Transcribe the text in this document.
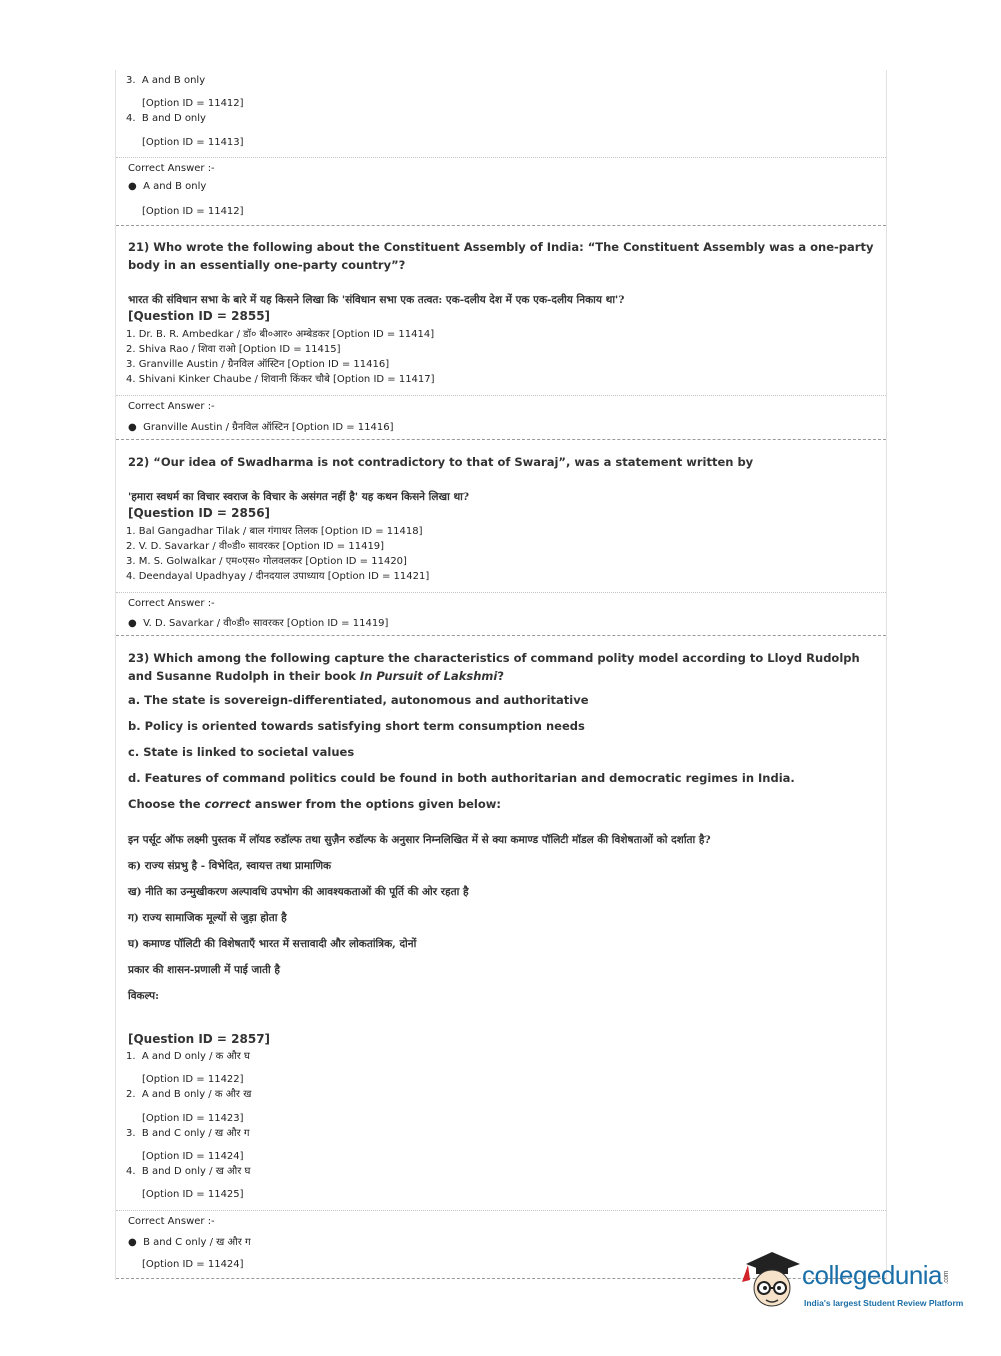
3. A and B only
[Option ID = 11412]
4. B and D only
[Option ID = 11413]
Correct Answer :-
●  A and B only
[Option ID = 11412]
21) Who wrote the following about the Constituent Assembly of India: “The Constituent Assembly was a one-party body in an essentially one-party country”?
भारत की संविधान सभा के बारे में यह किसने लिखा कि 'संविधान सभा एक तत्वत: एक-दलीय देश में एक एक-दलीय निकाय था'?
[Question ID = 2855]
1. Dr. B. R. Ambedkar / डॉ० बी०आर० अम्बेडकर [Option ID = 11414]
2. Shiva Rao / शिवा राओ [Option ID = 11415]
3. Granville Austin / ग्रैनविल ऑस्टिन [Option ID = 11416]
4. Shivani Kinker Chaube / शिवानी किंकर चौबे [Option ID = 11417]
Correct Answer :-
●  Granville Austin / ग्रैनविल ऑस्टिन [Option ID = 11416]
22) “Our idea of Swadharma is not contradictory to that of Swaraj”, was a statement written by
'हमारा स्वधर्म का विचार स्वराज के विचार के असंगत नहीं है' यह कथन किसने लिखा था?
[Question ID = 2856]
1. Bal Gangadhar Tilak / बाल गंगाधर तिलक [Option ID = 11418]
2. V. D. Savarkar / वी०डी० सावरकर [Option ID = 11419]
3. M. S. Golwalkar / एम०एस० गोलवलकर [Option ID = 11420]
4. Deendayal Upadhyay / दीनदयाल उपाध्याय [Option ID = 11421]
Correct Answer :-
●  V. D. Savarkar / वी०डी० सावरकर [Option ID = 11419]
23) Which among the following capture the characteristics of command polity model according to Lloyd Rudolph and Susanne Rudolph in their book In Pursuit of Lakshmi?
a. The state is sovereign-differentiated, autonomous and authoritative
b. Policy is oriented towards satisfying short term consumption needs
c. State is linked to societal values
d. Features of command politics could be found in both authoritarian and democratic regimes in India.
Choose the correct answer from the options given below:
इन पर्सूट ऑफ लक्ष्मी पुस्तक में लॉयड रुडॉल्फ तथा सुज़ैन रुडॉल्फ के अनुसार निम्नलिखित में से क्या कमाण्ड पॉलिटी मॉडल की विशेषताओं को दर्शाता है?
क) राज्य संप्रभु है - विभेदित, स्वायत्त तथा प्रामाणिक
ख) नीति का उन्मुखीकरण अल्पावधि उपभोग की आवश्यकताओं की पूर्ति की ओर रहता है
ग) राज्य सामाजिक मूल्यों से जुड़ा होता है
घ) कमाण्ड पॉलिटी की विशेषताएँ भारत में सत्तावादी और लोकतांत्रिक, दोनों
प्रकार की शासन-प्रणाली में पाई जाती है
विकल्प:
[Question ID = 2857]
1. A and D only / क और घ
[Option ID = 11422]
2. A and B only / क और ख
[Option ID = 11423]
3. B and C only / ख और ग
[Option ID = 11424]
4. B and D only / ख और घ
[Option ID = 11425]
Correct Answer :-
●  B and C only / ख और ग
[Option ID = 11424]	collegedunia.com
India's largest Student Review Platform
